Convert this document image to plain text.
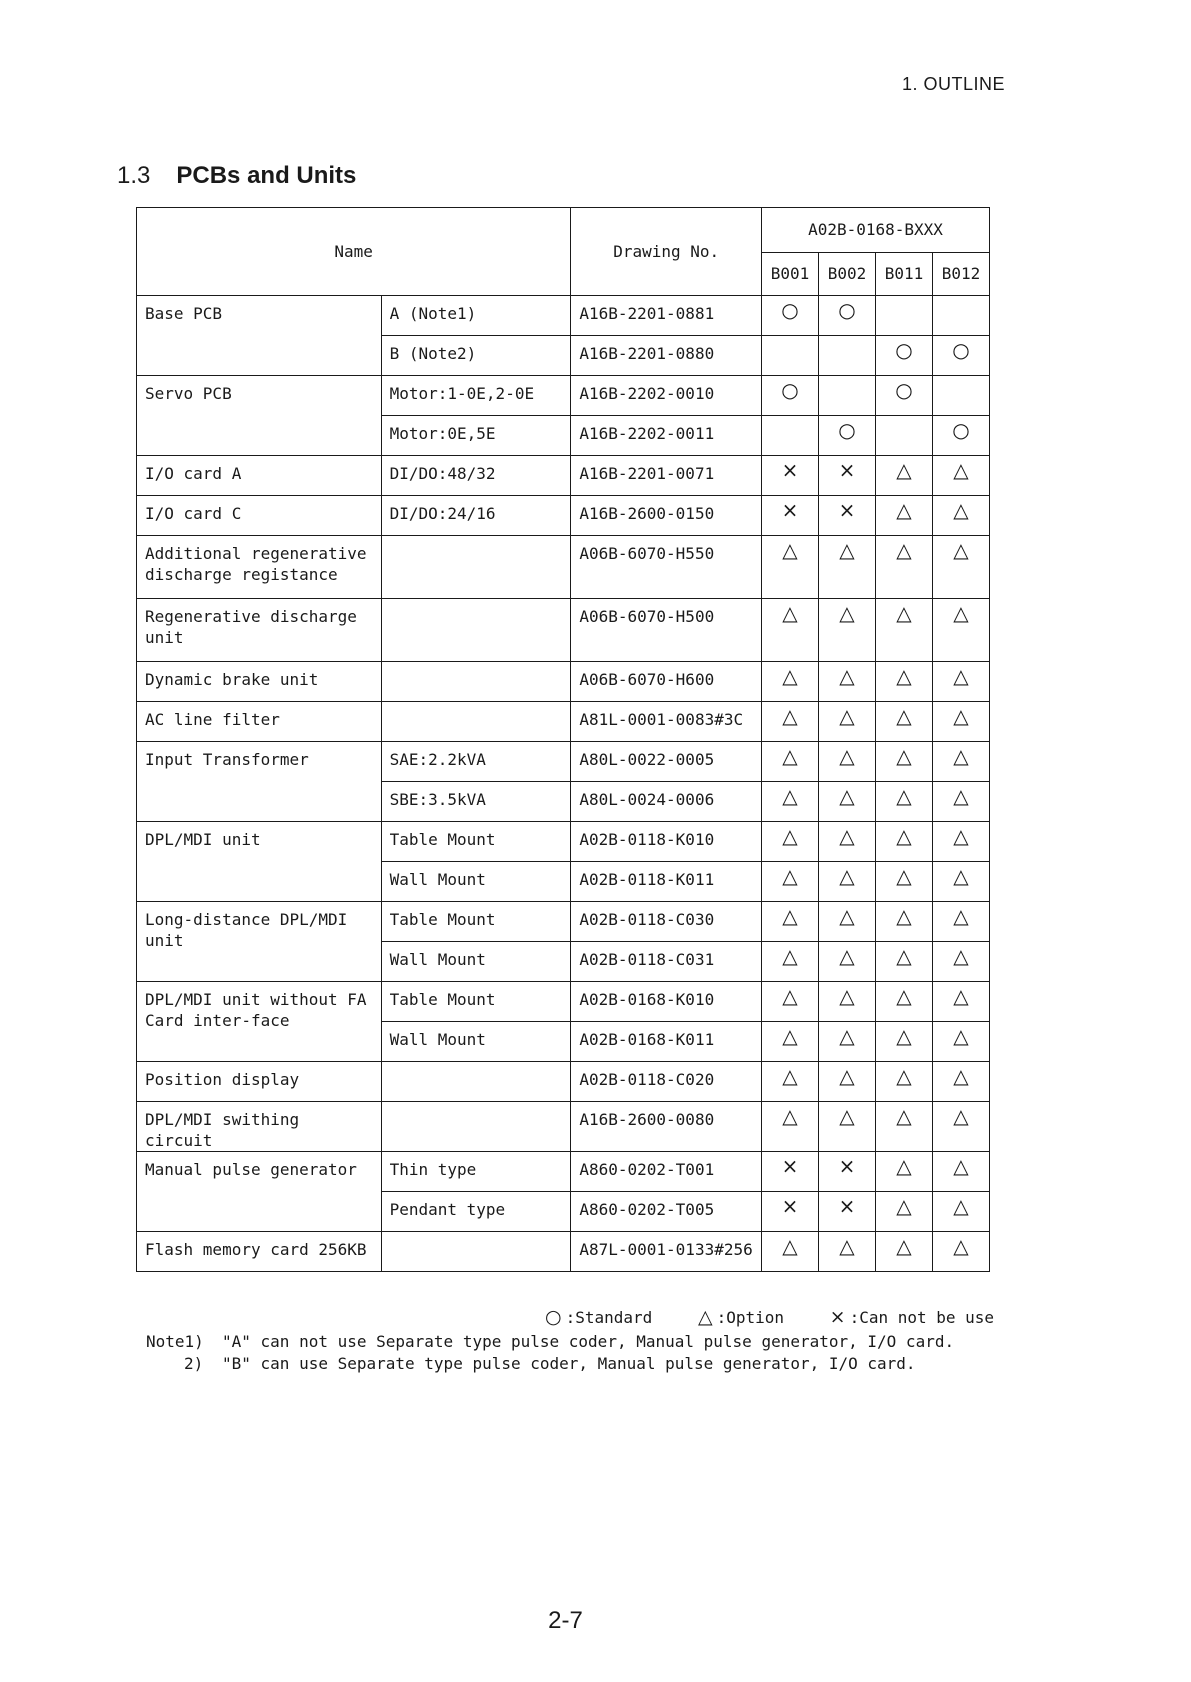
1. OUTLINE
1.3 PCBs and Units
Name		Drawing No.	A02B-0168-BXXX			
			B001	B002	B011	B012
Base PCB	A (Note1)	A16B-2201-0881	○	○		
	B (Note2)	A16B-2201-0880			○	○
Servo PCB	Motor:1-0E,2-0E	A16B-2202-0010	○		○	
	Motor:0E,5E	A16B-2202-0011		○		○
I/O card A	DI/DO:48/32	A16B-2201-0071	×	×	△	△
I/O card C	DI/DO:24/16	A16B-2600-0150	×	×	△	△
Additional regenerative discharge registance		A06B-6070-H550	△	△	△	△
Regenerative discharge unit		A06B-6070-H500	△	△	△	△
Dynamic brake unit		A06B-6070-H600	△	△	△	△
AC line filter		A81L-0001-0083#3C	△	△	△	△
Input Transformer	SAE:2.2kVA	A80L-0022-0005	△	△	△	△
	SBE:3.5kVA	A80L-0024-0006	△	△	△	△
DPL/MDI unit	Table Mount	A02B-0118-K010	△	△	△	△
	Wall Mount	A02B-0118-K011	△	△	△	△
Long-distance DPL/MDI unit	Table Mount	A02B-0118-C030	△	△	△	△
	Wall Mount	A02B-0118-C031	△	△	△	△
DPL/MDI unit without FA Card inter-face	Table Mount	A02B-0168-K010	△	△	△	△
	Wall Mount	A02B-0168-K011	△	△	△	△
Position display		A02B-0118-C020	△	△	△	△
DPL/MDI swithing circuit		A16B-2600-0080	△	△	△	△
Manual pulse generator	Thin type	A860-0202-T001	×	×	△	△
	Pendant type	A860-0202-T005	×	×	△	△
Flash memory card 256KB		A87L-0001-0133#256	△	△	△	△
○ :Standard △ :Option × :Can not be use
Note1) "A" can not use Separate type pulse coder, Manual pulse generator, I/O card.
2) "B" can use Separate type pulse coder, Manual pulse generator, I/O card.
2-7
